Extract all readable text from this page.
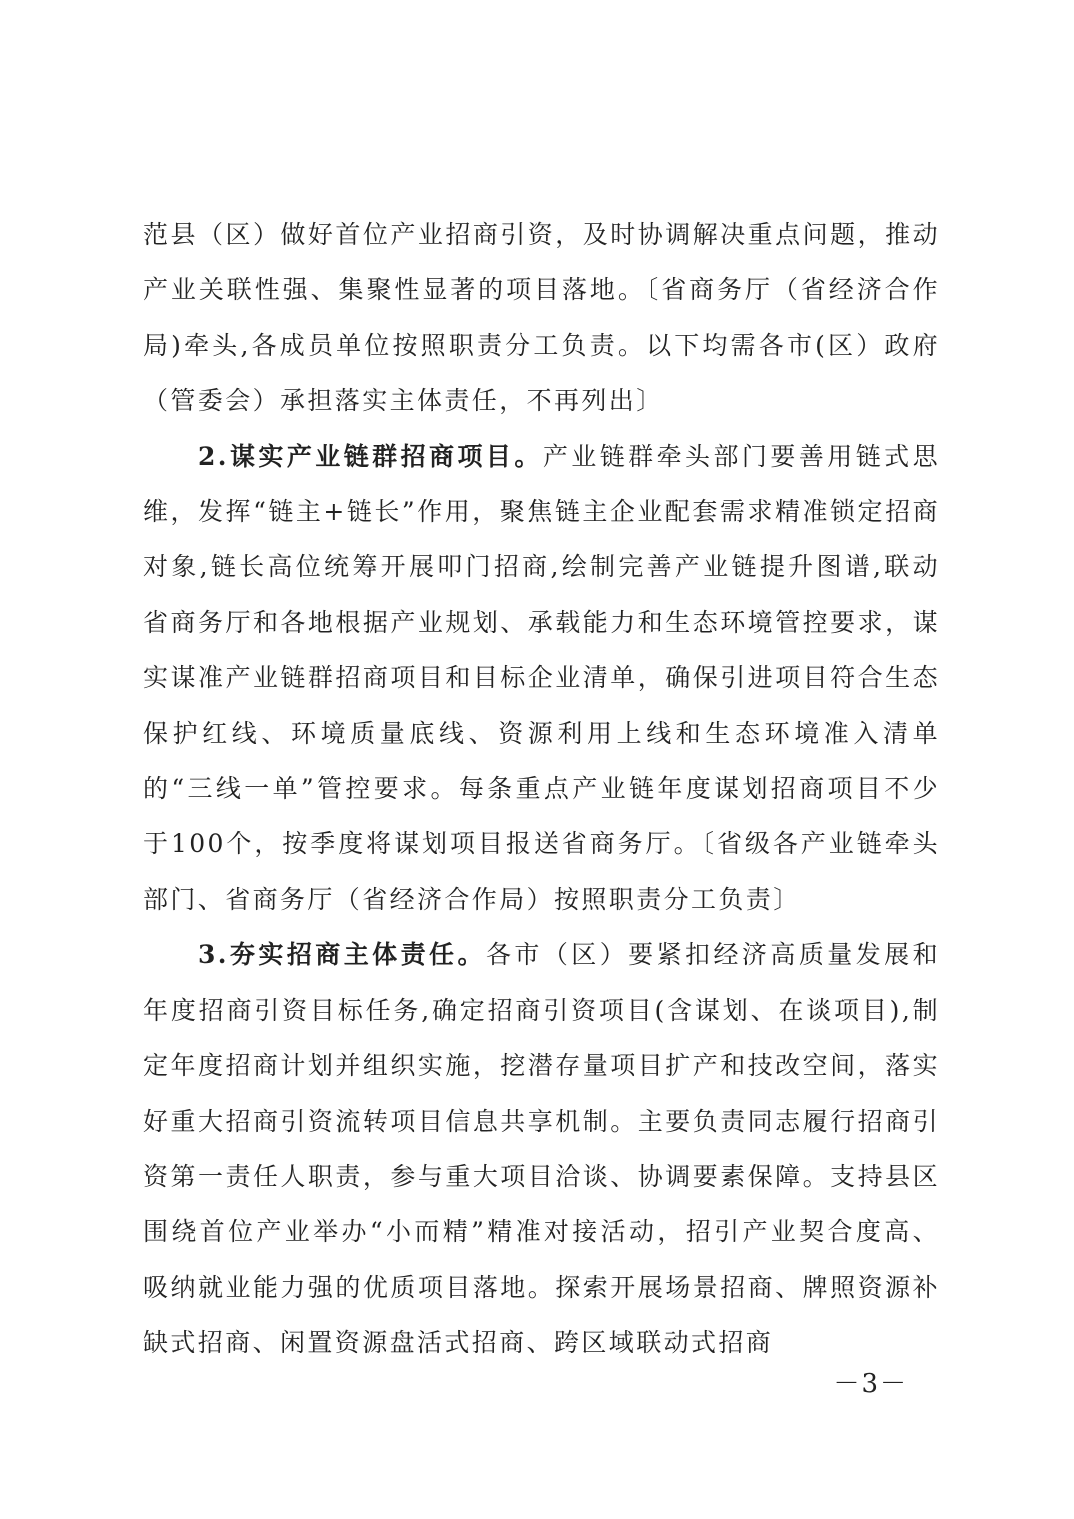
范县（区）做好首位产业招商引资，及时协调解决重点问题，推动产业关联性强、集聚性显著的项目落地。〔省商务厅（省经济合作局)牵头,各成员单位按照职责分工负责。以下均需各市(区）政府（管委会）承担落实主体责任，不再列出〕

2.谋实产业链群招商项目。产业链群牵头部门要善用链式思维，发挥“链主+链长”作用，聚焦链主企业配套需求精准锁定招商对象,链长高位统筹开展叩门招商,绘制完善产业链提升图谱,联动省商务厅和各地根据产业规划、承载能力和生态环境管控要求，谋实谋准产业链群招商项目和目标企业清单，确保引进项目符合生态保护红线、环境质量底线、资源利用上线和生态环境准入清单的“三线一单”管控要求。每条重点产业链年度谋划招商项目不少于100个，按季度将谋划项目报送省商务厅。〔省级各产业链牵头部门、省商务厅（省经济合作局）按照职责分工负责〕

3.夯实招商主体责任。各市（区）要紧扣经济高质量发展和年度招商引资目标任务,确定招商引资项目(含谋划、在谈项目),制定年度招商计划并组织实施，挖潜存量项目扩产和技改空间，落实好重大招商引资流转项目信息共享机制。主要负责同志履行招商引资第一责任人职责，参与重大项目洽谈、协调要素保障。支持县区围绕首位产业举办“小而精”精准对接活动，招引产业契合度高、吸纳就业能力强的优质项目落地。探索开展场景招商、牌照资源补缺式招商、闲置资源盘活式招商、跨区域联动式招商

－3－
